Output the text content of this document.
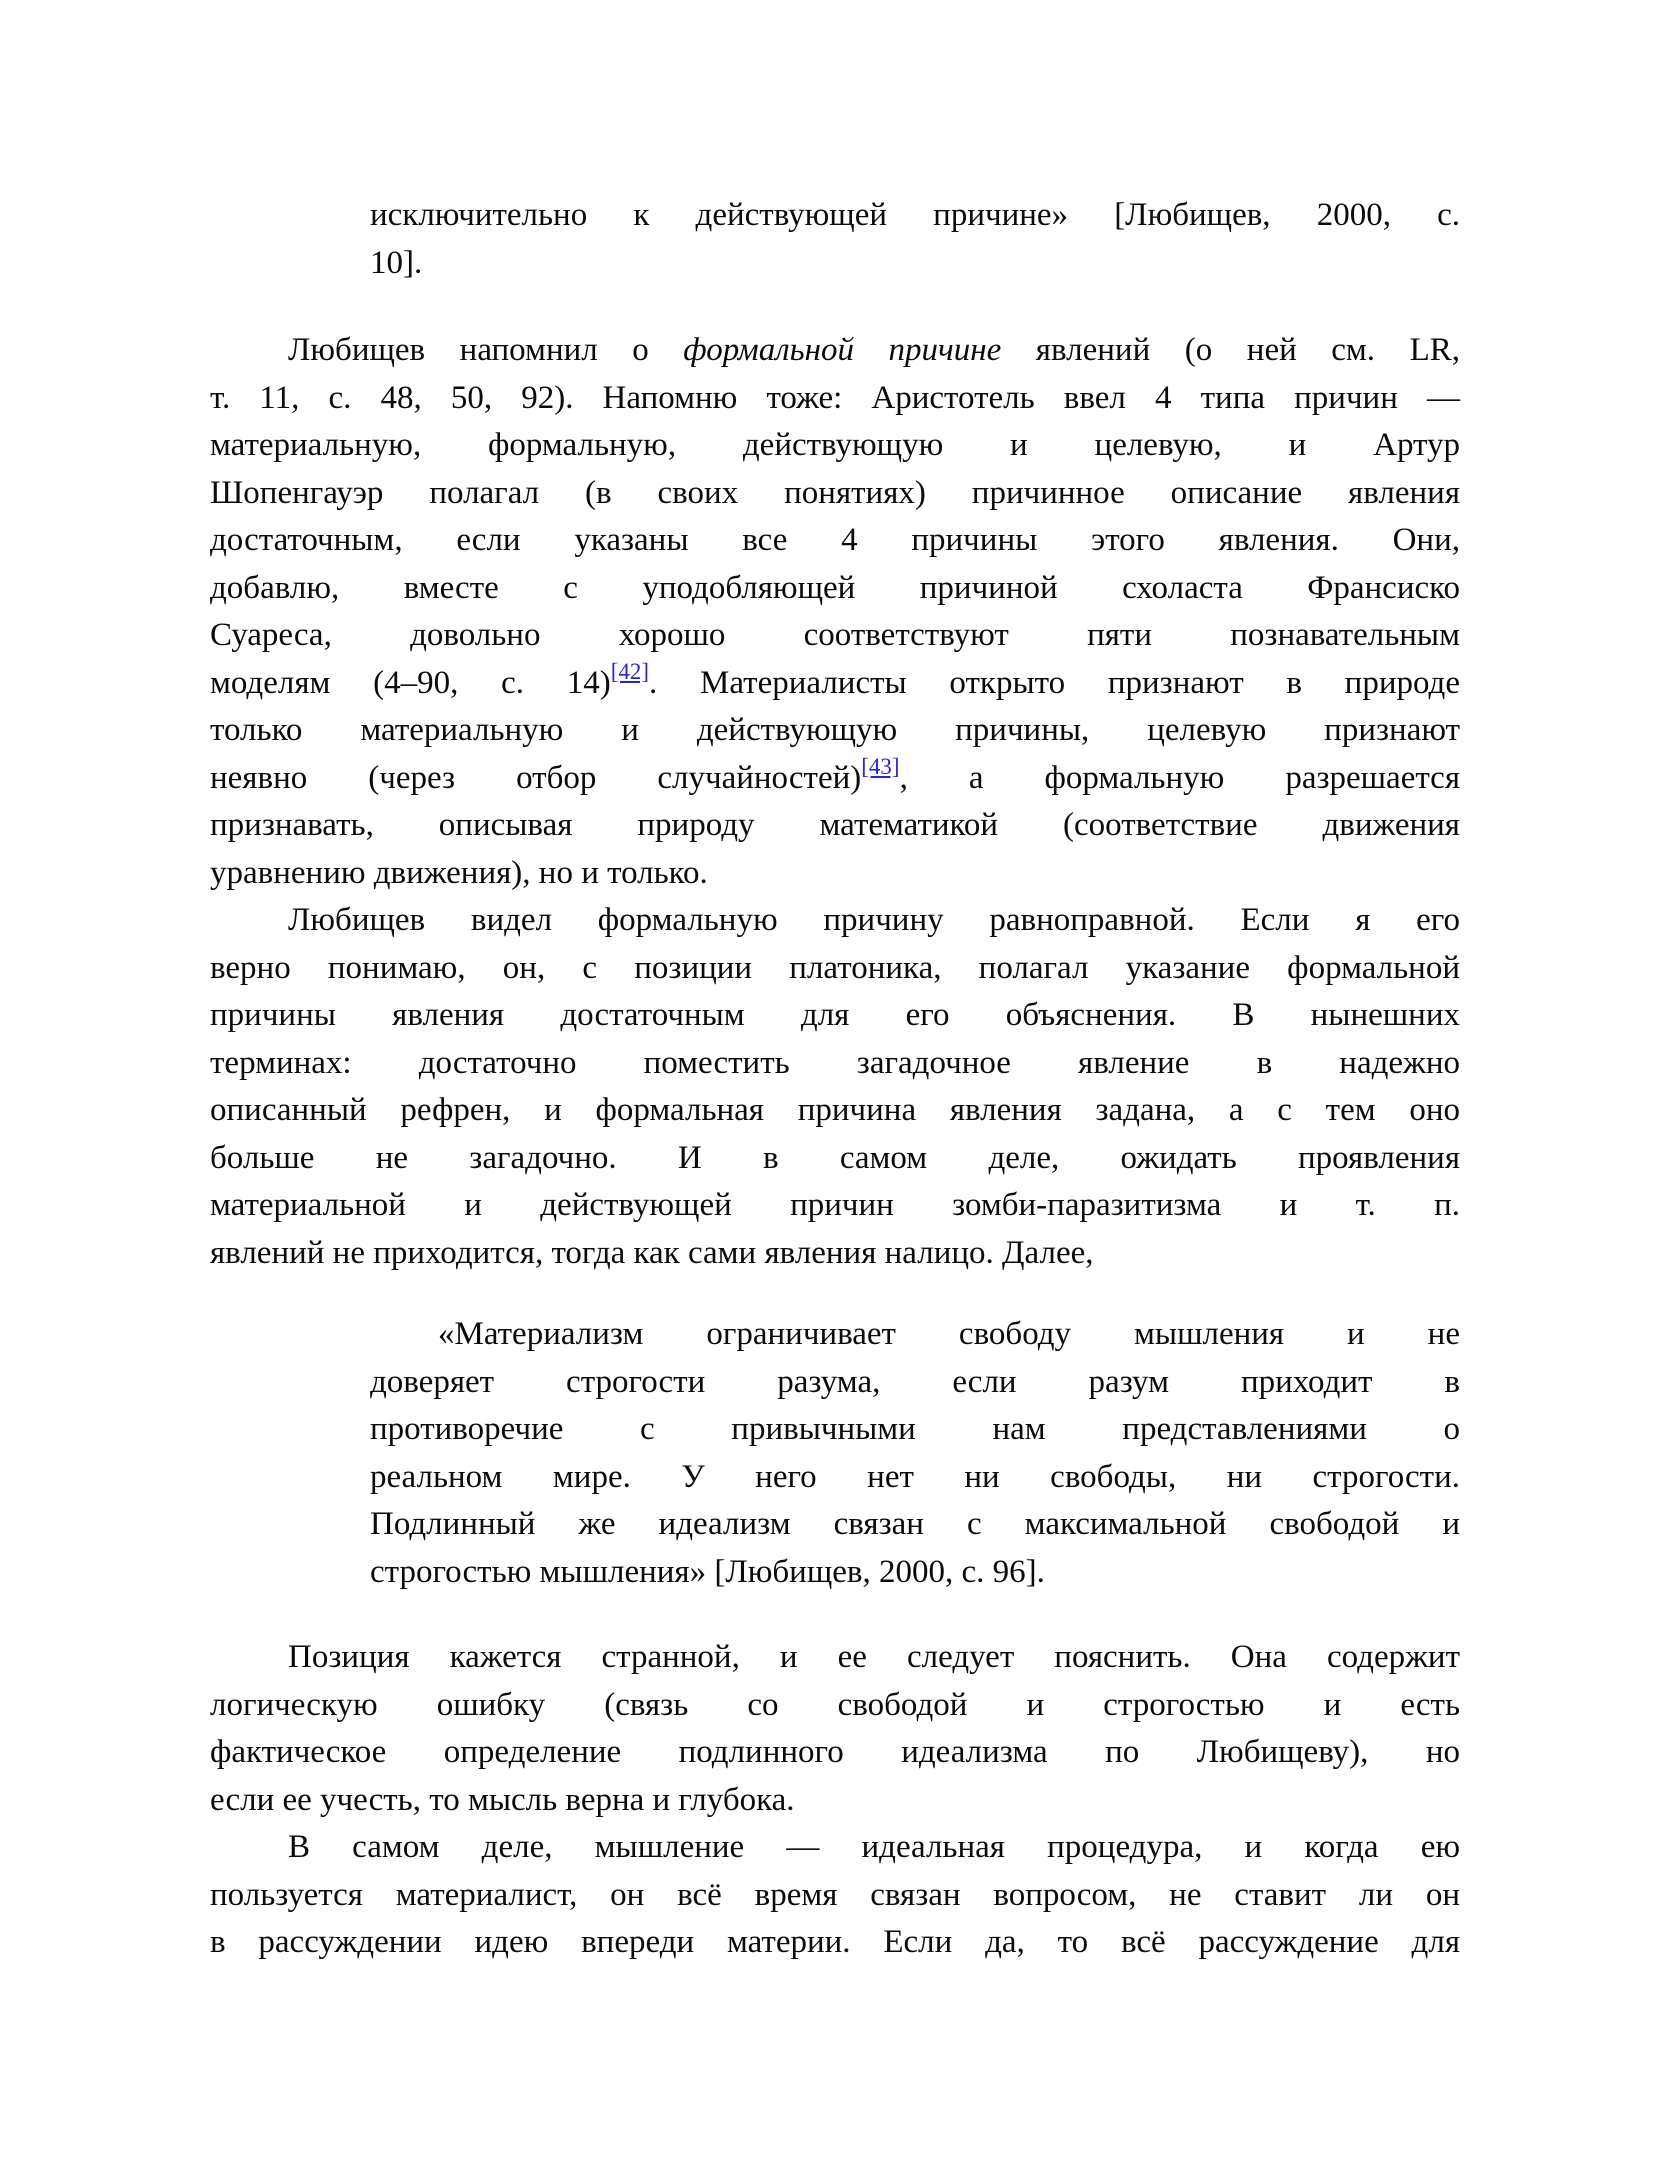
исключительно к действующей причине» [Любищев, 2000, с.
10].
Любищев напомнил о формальной причине явлений (о ней см. LR,
т. 11, с. 48, 50, 92). Напомню тоже: Аристотель ввел 4 типа причин —
материальную, формальную, действующую и целевую, и Артур
Шопенгауэр полагал (в своих понятиях) причинное описание явления
достаточным, если указаны все 4 причины этого явления. Они,
добавлю, вместе с уподобляющей причиной схоласта Франсиско
Суареса, довольно хорошо соответствуют пяти познавательным
моделям (4–90, с. 14)[42]. Материалисты открыто признают в природе
только материальную и действующую причины, целевую признают
неявно (через отбор случайностей)[43], а формальную разрешается
признавать, описывая природу математикой (соответствие движения
уравнению движения), но и только.
Любищев видел формальную причину равноправной. Если я его
верно понимаю, он, с позиции платоника, полагал указание формальной
причины явления достаточным для его объяснения. В нынешних
терминах: достаточно поместить загадочное явление в надежно
описанный рефрен, и формальная причина явления задана, а с тем оно
больше не загадочно. И в самом деле, ожидать проявления
материальной и действующей причин зомби-паразитизма и т. п.
явлений не приходится, тогда как сами явления налицо. Далее,
«Материализм ограничивает свободу мышления и не
доверяет строгости разума, если разум приходит в
противоречие с привычными нам представлениями о
реальном мире. У него нет ни свободы, ни строгости.
Подлинный же идеализм связан с максимальной свободой и
строгостью мышления» [Любищев, 2000, с. 96].
Позиция кажется странной, и ее следует пояснить. Она содержит
логическую ошибку (связь со свободой и строгостью и есть
фактическое определение подлинного идеализма по Любищеву), но
если ее учесть, то мысль верна и глубока.
В самом деле, мышление — идеальная процедура, и когда ею
пользуется материалист, он всё время связан вопросом, не ставит ли он
в рассуждении идею впереди материи. Если да, то всё рассуждение для
